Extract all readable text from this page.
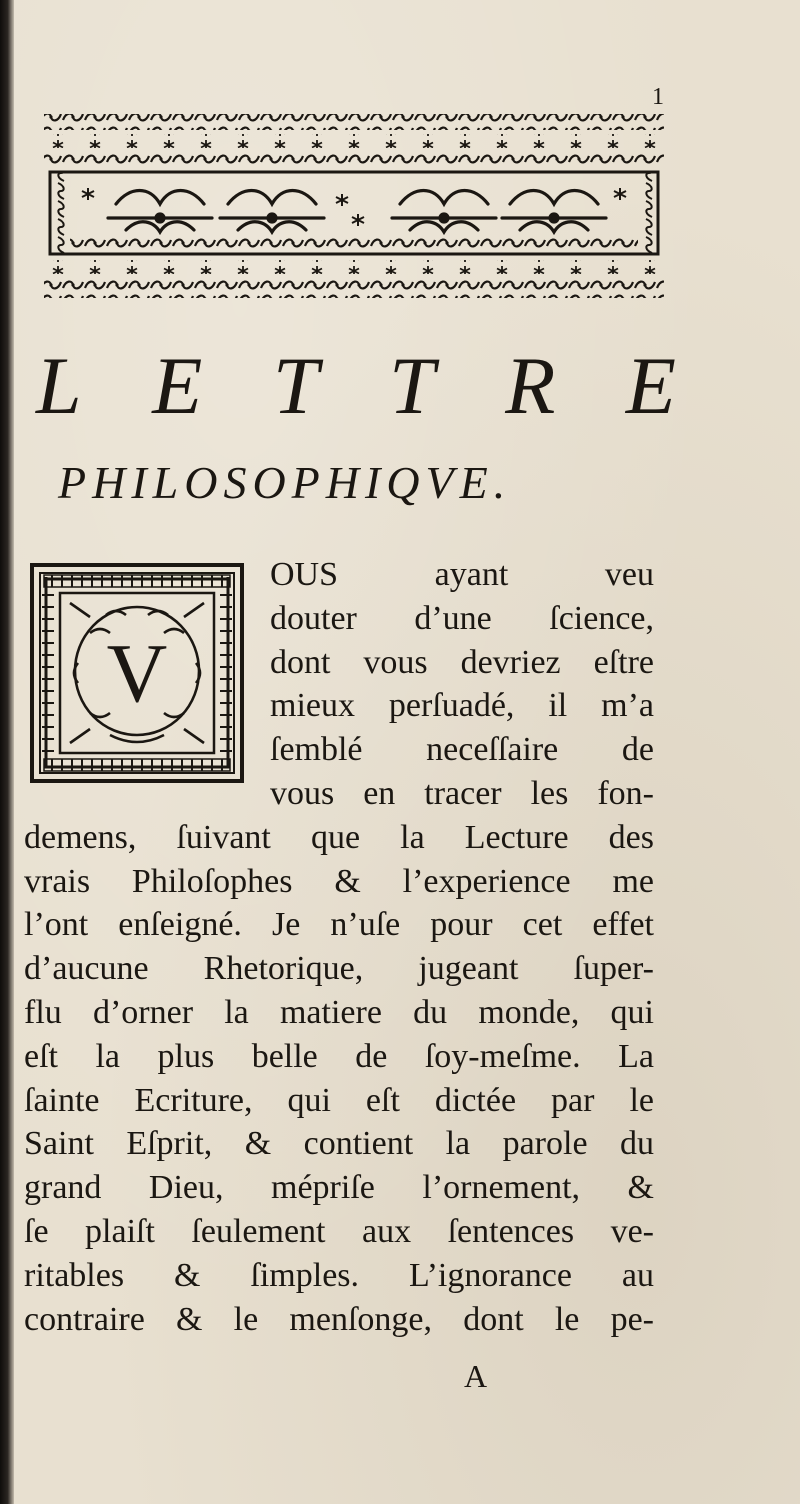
1
L E T T R E
PHILOSOPHIQVE.
V
OUS ayant veu
douter d’une ſcience,
dont vous devriez eſtre
mieux perſuadé, il m’a
ſemblé neceſſaire de
vous en tracer les fon-
demens, ſuivant que la Lecture des
vrais Philoſophes & l’experience me
l’ont enſeigné. Je n’uſe pour cet effet
d’aucune Rhetorique, jugeant ſuper-
flu d’orner la matiere du monde, qui
eſt la plus belle de ſoy-meſme. La
ſainte Ecriture, qui eſt dictée par le
Saint Eſprit, & contient la parole du
grand Dieu, mépriſe l’ornement, &
ſe plaiſt ſeulement aux ſentences ve-
ritables & ſimples. L’ignorance au
contraire & le menſonge, dont le pe-
A
